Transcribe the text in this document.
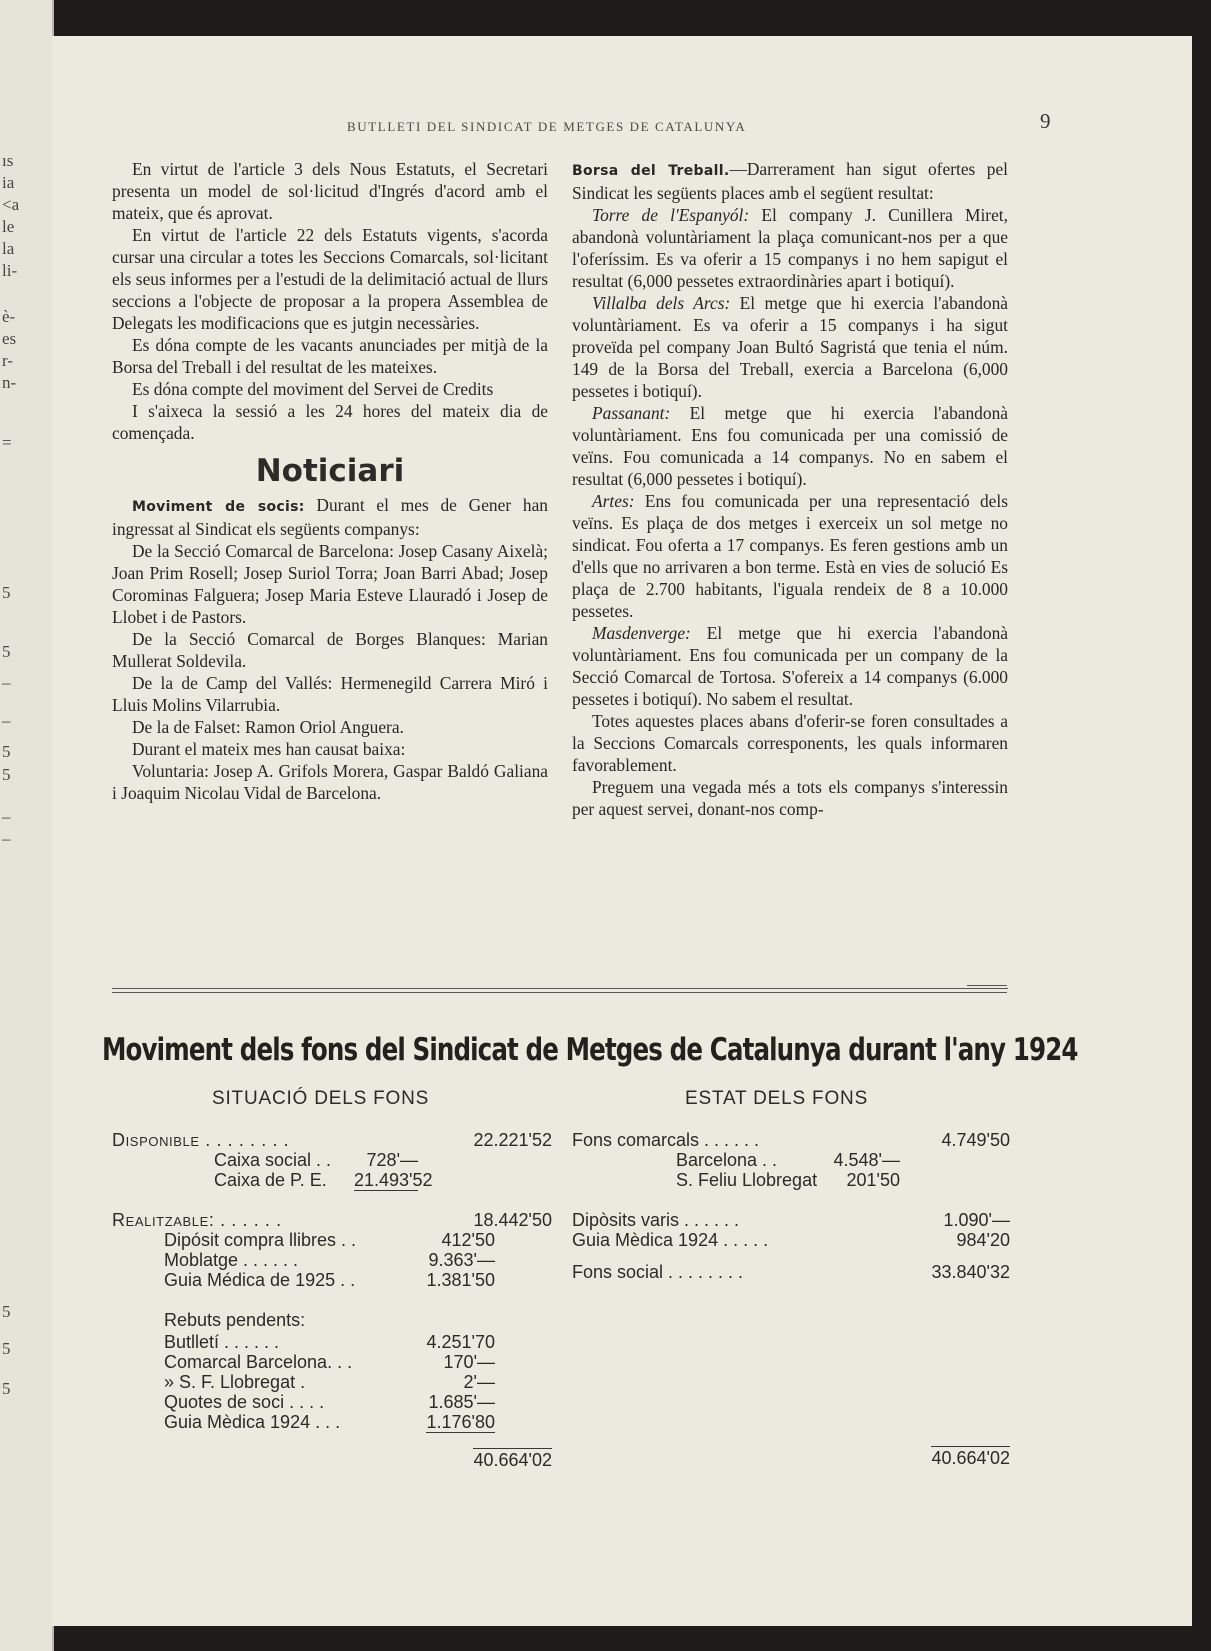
ıs
ia
<a
le
la
li-
è-
es
r-
n-
=
5
5
–
–
5
5
–
–
5
5
5
BUTLLETI DEL SINDICAT DE METGES DE CATALUNYA	9

En virtut de l'article 3 dels Nous Estatuts, el Secretari presenta un model de sol·licitud d'Ingrés d'acord amb el mateix, que és aprovat.

En virtut de l'article 22 dels Estatuts vigents, s'acorda cursar una circular a totes les Seccions Comarcals, sol·licitant els seus informes per a l'estudi de la delimitació actual de llurs seccions a l'objecte de proposar a la propera Assemblea de Delegats les modificacions que es jutgin necessàries.

Es dóna compte de les vacants anunciades per mitjà de la Borsa del Treball i del resultat de les mateixes.

Es dóna compte del moviment del Servei de Credits

I s'aixeca la sessió a les 24 hores del mateix dia de començada.

Noticiari

Moviment de socis: Durant el mes de Gener han ingressat al Sindicat els següents companys:

De la Secció Comarcal de Barcelona: Josep Casany Aixelà; Joan Prim Rosell; Josep Suriol Torra; Joan Barri Abad; Josep Corominas Falguera; Josep Maria Esteve Llauradó i Josep de Llobet i de Pastors.

De la Secció Comarcal de Borges Blanques: Marian Mullerat Soldevila.

De la de Camp del Vallés: Hermenegild Carrera Miró i Lluis Molins Vilarrubia.

De la de Falset: Ramon Oriol Anguera.

Durant el mateix mes han causat baixa:

Voluntaria: Josep A. Grifols Morera, Gaspar Baldó Galiana i Joaquim Nicolau Vidal de Barcelona.

Borsa del Treball.—Darrerament han sigut ofertes pel Sindicat les següents places amb el següent resultat:

Torre de l'Espanyól: El company J. Cunillera Miret, abandonà voluntàriament la plaça comunicant-nos per a que l'oferíssim. Es va oferir a 15 companys i no hem sapigut el resultat (6,000 pessetes extraordinàries apart i botiquí).

Villalba dels Arcs: El metge que hi exercia l'abandonà voluntàriament. Es va oferir a 15 companys i ha sigut proveïda pel company Joan Bultó Sagristá que tenia el núm. 149 de la Borsa del Treball, exercia a Barcelona (6,000 pessetes i botiquí).

Passanant: El metge que hi exercia l'abandonà voluntàriament. Ens fou comunicada per una comissió de veïns. Fou comunicada a 14 companys. No en sabem el resultat (6,000 pessetes i botiquí).

Artes: Ens fou comunicada per una representació dels veïns. Es plaça de dos metges i exerceix un sol metge no sindicat. Fou oferta a 17 companys. Es feren gestions amb un d'ells que no arrivaren a bon terme. Està en vies de solució Es plaça de 2.700 habitants, l'iguala rendeix de 8 a 10.000 pessetes.

Masdenverge: El metge que hi exercia l'abandonà voluntàriament. Ens fou comunicada per un company de la Secció Comarcal de Tortosa. S'ofereix a 14 companys (6.000 pessetes i botiquí). No sabem el resultat.

Totes aquestes places abans d'oferir-se foren consultades a la Seccions Comarcals corresponents, les quals informaren favorablement.

Preguem una vegada més a tots els companys s'interessin per aquest servei, donant-nos comp-

Moviment dels fons del Sindicat de Metges de Catalunya durant l'any 1924
SITUACIÓ DELS FONS	ESTAT DELS FONS
Disponible . . . . . . . .	22.221'52
Caixa social . . 728'—
Caixa de P. E. 21.493'52
Realitzable: . . . . . .	18.442'50
Dipósit compra llibres . .	412'50
Moblatge . . . . . .	9.363'—
Guia Médica de 1925 . .	1.381'50
Rebuts pendents:
Butlletí . . . . . .	4.251'70
Comarcal Barcelona. . .	170'—
» S. F. Llobregat .	2'—
Quotes de soci . . . .	1.685'—
Guia Mèdica 1924 . . .	1.176'80
40.664'02
Fons comarcals . . . . . .	4.749'50
Barcelona . .	4.548'—
S. Feliu Llobregat 201'50
Dipòsits varis . . . . . .	1.090'—
Guia Mèdica 1924 . . . . .	984'20
Fons social . . . . . . . .	33.840'32
40.664'02
